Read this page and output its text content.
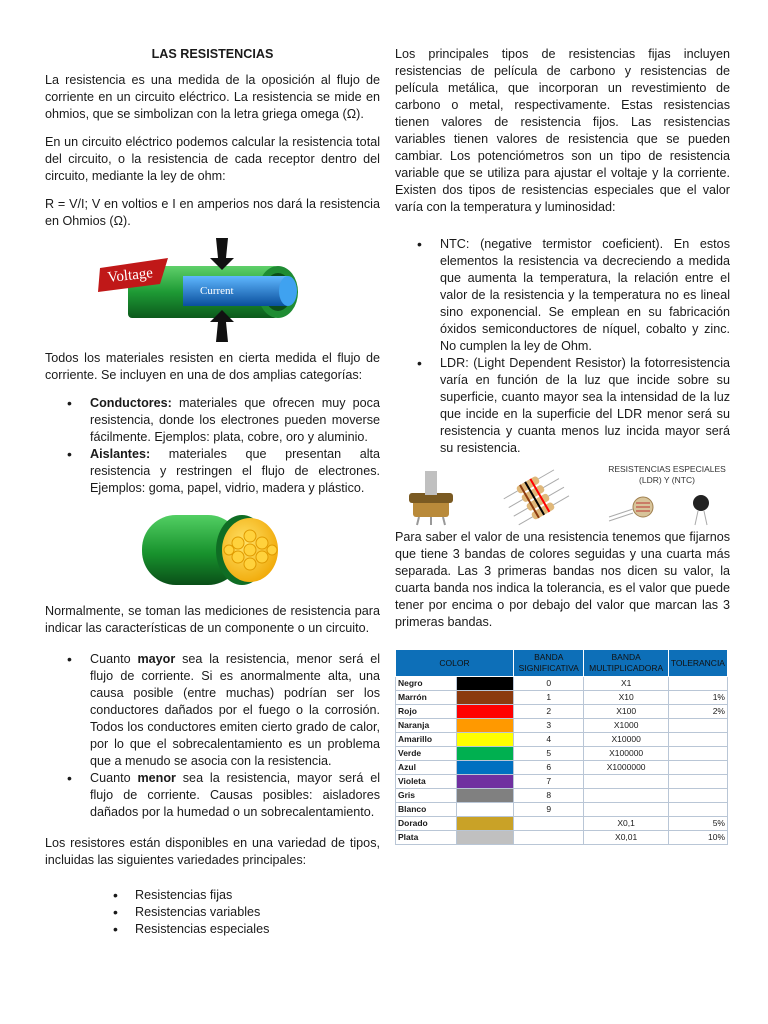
LAS RESISTENCIAS

La resistencia es una medida de la oposición al flujo de corriente en un circuito eléctrico. La resistencia se mide en ohmios, que se simbolizan con la letra griega omega (Ω).

En un circuito eléctrico podemos calcular la resistencia total del circuito, o la resistencia de cada receptor dentro del circuito, mediante la ley de ohm:

R = V/I; V en voltios e I en amperios nos dará la resistencia en Ohmios (Ω).

Voltage
Current

Todos los materiales resisten en cierta medida el flujo de corriente. Se incluyen en una de dos amplias categorías:

• Conductores: materiales que ofrecen muy poca resistencia, donde los electrones pueden moverse fácilmente. Ejemplos: plata, cobre, oro y aluminio.
• Aislantes: materiales que presentan alta resistencia y restringen el flujo de electrones. Ejemplos: goma, papel, vidrio, madera y plástico.

Normalmente, se toman las mediciones de resistencia para indicar las características de un componente o un circuito.

• Cuanto mayor sea la resistencia, menor será el flujo de corriente. Si es anormalmente alta, una causa posible (entre muchas) podrían ser los conductores dañados por el fuego o la corrosión. Todos los conductores emiten cierto grado de calor, por lo que el sobrecalentamiento es un problema que a menudo se asocia con la resistencia.
• Cuanto menor sea la resistencia, mayor será el flujo de corriente. Causas posibles: aisladores dañados por la humedad o un sobrecalentamiento.

Los resistores están disponibles en una variedad de tipos, incluidas las siguientes variedades principales:

• Resistencias fijas
• Resistencias variables
• Resistencias especiales

Los principales tipos de resistencias fijas incluyen resistencias de película de carbono y resistencias de película metálica, que incorporan un revestimiento de carbono o metal, respectivamente. Estas resistencias tienen valores de resistencia fijos. Las resistencias variables tienen valores de resistencia que se pueden cambiar. Los potenciómetros son un tipo de resistencia variable que se utiliza para ajustar el voltaje y la corriente. Existen dos tipos de resistencias especiales que el valor varía con la temperatura y luminosidad:

• NTC: (negative termistor coeficient). En estos elementos la resistencia va decreciendo a medida que aumenta la temperatura, la relación entre el valor de la resistencia y la temperatura no es lineal sino exponencial. Se emplean en su fabricación óxidos semiconductores de níquel, cobalto y zinc. No cumplen la ley de Ohm.
• LDR: (Light Dependent Resistor) la fotorresistencia varía en función de la luz que incide sobre su superficie, cuanto mayor sea la intensidad de la luz que incide en la superficie del LDR menor será su resistencia y cuanta menos luz incida mayor será su resistencia.
RESISTENCIAS ESPECIALES
(LDR) Y (NTC)

Para saber el valor de una resistencia tenemos que fijarnos que tiene 3 bandas de colores seguidas y una cuarta más separada. Las 3 primeras bandas nos dicen su valor, la cuarta banda nos indica la tolerancia, es el valor que puede tener por encima o por debajo del valor que marcan las 3 primeras bandas.

COLOR		BANDA SIGNIFICATIVA	BANDA MULTIPLICADORA	TOLERANCIA
Negro		0	X1	
Marrón		1	X10	1%
Rojo		2	X100	2%
Naranja		3	X1000	
Amarillo		4	X10000	
Verde		5	X100000	
Azul		6	X1000000	
Violeta		7		
Gris		8		
Blanco		9		
Dorado			X0,1	5%
Plata			X0,01	10%
